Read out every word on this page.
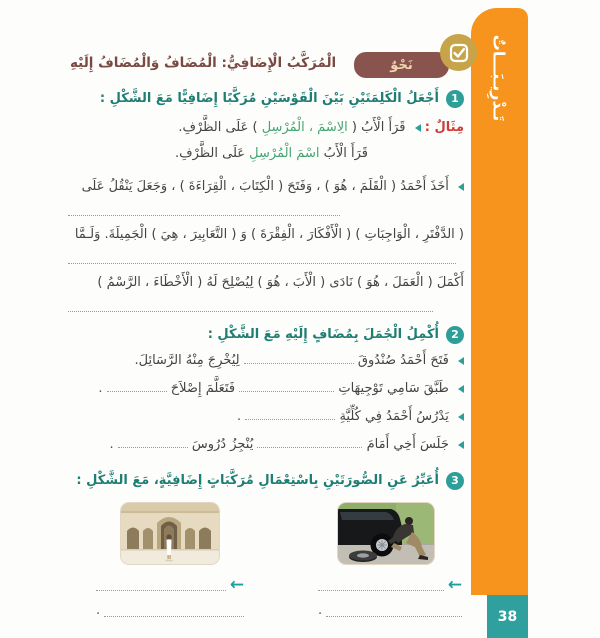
تَـدْرِيـبَـــاتٌ
38
نَحْوٌ
الْمُرَكَّبُ الْإِضَافِيُّ: الْمُضَافُ وَالْمُضَافُ إِلَيْهِ
1
أَجْعَلُ الْكَلِمَتَيْنِ بَيْنَ الْقَوْسَيْنِ مُرَكَّبًا إِضَافِيًّا مَعَ الشَّكْلِ :
مِثَالٌ :  قَرَأَ الْأَبُ ( الِاسْمَ ، الْمُرْسِلِ ) عَلَى الظَّرْفِ.
قَرَأَ الْأَبُ اسْمَ الْمُرْسِلِ عَلَى الظَّرْفِ.
أَخَذَ أَحْمَدُ ( الْقَلَمَ ، هُوَ ) ، وَفَتَحَ ( الْكِتَابَ ، الْقِرَاءَةَ ) ، وَجَعَلَ يَنْقُلُ عَلَى
( الدَّفْتَرِ ، الْوَاجِبَاتِ ) ( الْأَفْكَارَ ، الْفِقْرَةَ ) وَ ( التَّعَابِيرَ ، هِيَ ) الْجَمِيلَةَ. وَلَـمَّا
أَكْمَلَ ( الْعَمَلَ ، هُوَ ) نَادَى ( الْأَبَ ، هُوَ ) لِيُصْلِحَ لَهُ ( الْأَخْطَاءَ ، الرَّسْمُ )
2
أُكْمِلُ الْجُمَلَ بِمُضَافٍ إِلَيْهِ مَعَ الشَّكْلِ :
فَتَحَ أَحْمَدُ صُنْدُوقَ  لِيُخْرِجَ مِنْهُ الرَّسَائِلَ.
طَبَّقَ سَامِي تَوْجِيهَاتِ  فَتَعَلَّمَ إِصْلاَحَ  .
يَدْرُسُ أَحْمَدُ فِي كُلِّيَّةِ  .
جَلَسَ أَخِي أَمَامَ  يُنْجِزُ دُرُوسَ  .
3
أُعَبِّرُ عَنِ الصُّورَتَيْنِ بِاسْتِعْمَالِ مُرَكَّبَاتٍ إِضَافِيَّةٍ، مَعَ الشَّكْلِ :
←	←
.	.
